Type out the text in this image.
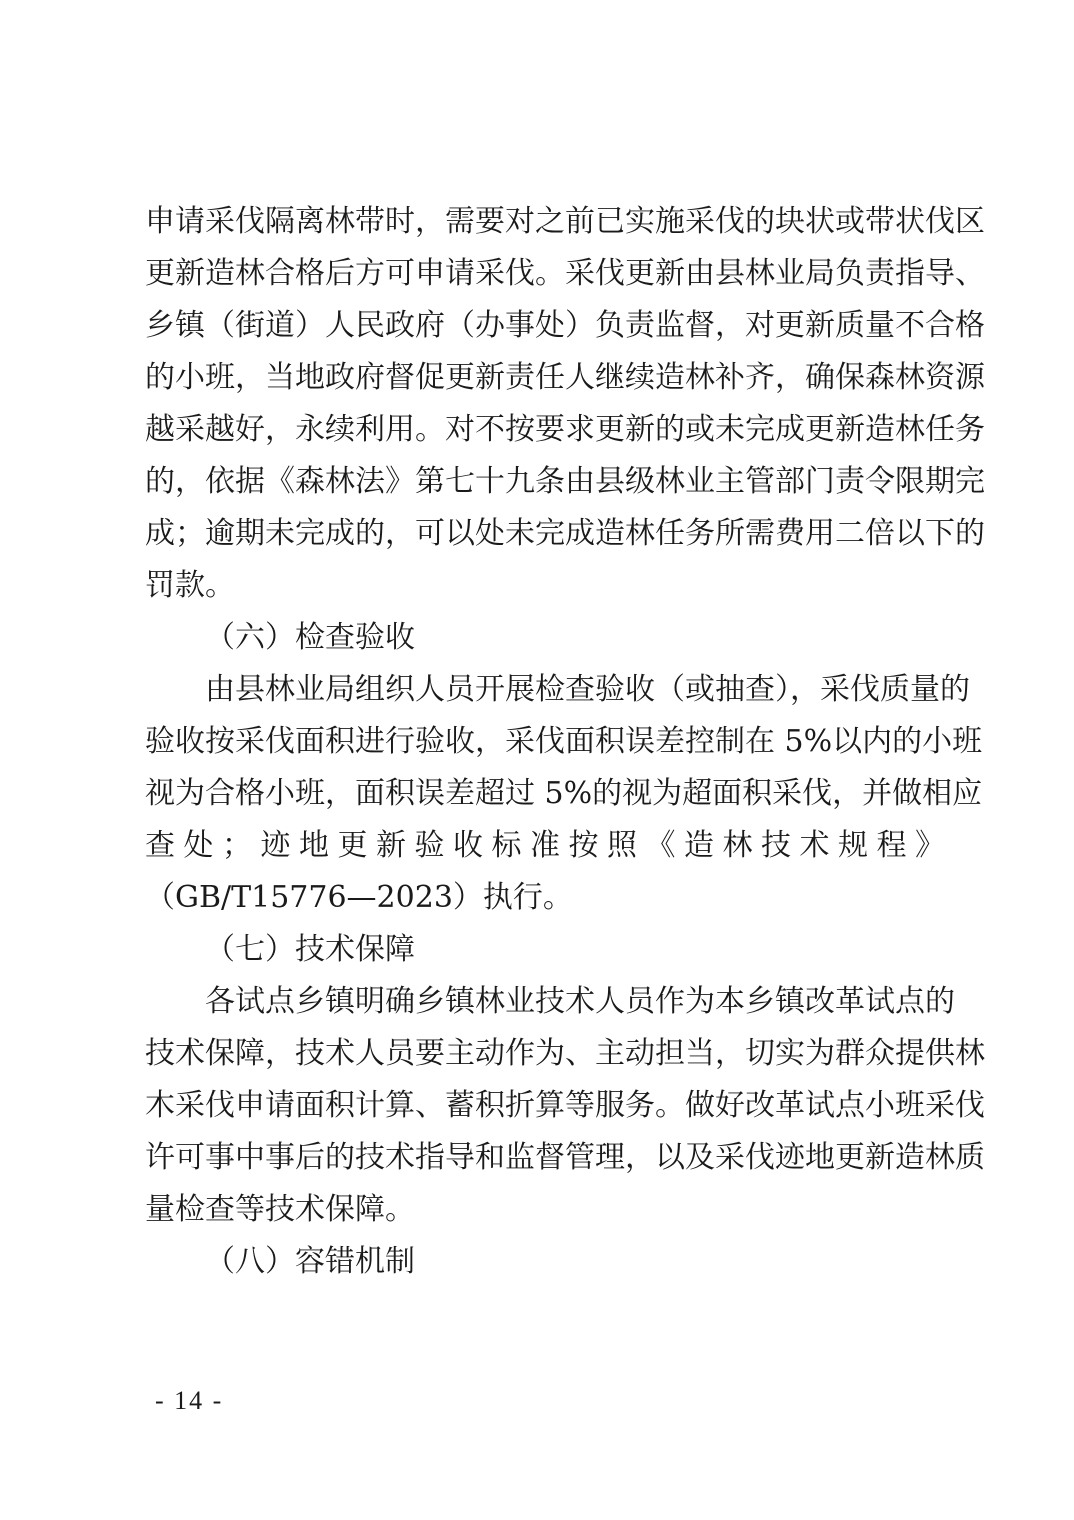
申请采伐隔离林带时，需要对之前已实施采伐的块状或带状伐区
更新造林合格后方可申请采伐。采伐更新由县林业局负责指导、
乡镇（街道）人民政府（办事处）负责监督，对更新质量不合格
的小班，当地政府督促更新责任人继续造林补齐，确保森林资源
越采越好，永续利用。对不按要求更新的或未完成更新造林任务
的，依据《森林法》第七十九条由县级林业主管部门责令限期完
成；逾期未完成的，可以处未完成造林任务所需费用二倍以下的
罚款。
（六）检查验收
由县林业局组织人员开展检查验收（或抽查），采伐质量的
验收按采伐面积进行验收，采伐面积误差控制在 5%以内的小班
视为合格小班，面积误差超过 5%的视为超面积采伐，并做相应
查处；迹地更新验收标准按照《造林技术规程》
（GB/T15776—2023）执行。
（七）技术保障
各试点乡镇明确乡镇林业技术人员作为本乡镇改革试点的
技术保障，技术人员要主动作为、主动担当，切实为群众提供林
木采伐申请面积计算、蓄积折算等服务。做好改革试点小班采伐
许可事中事后的技术指导和监督管理，以及采伐迹地更新造林质
量检查等技术保障。
（八）容错机制
- 14 -
